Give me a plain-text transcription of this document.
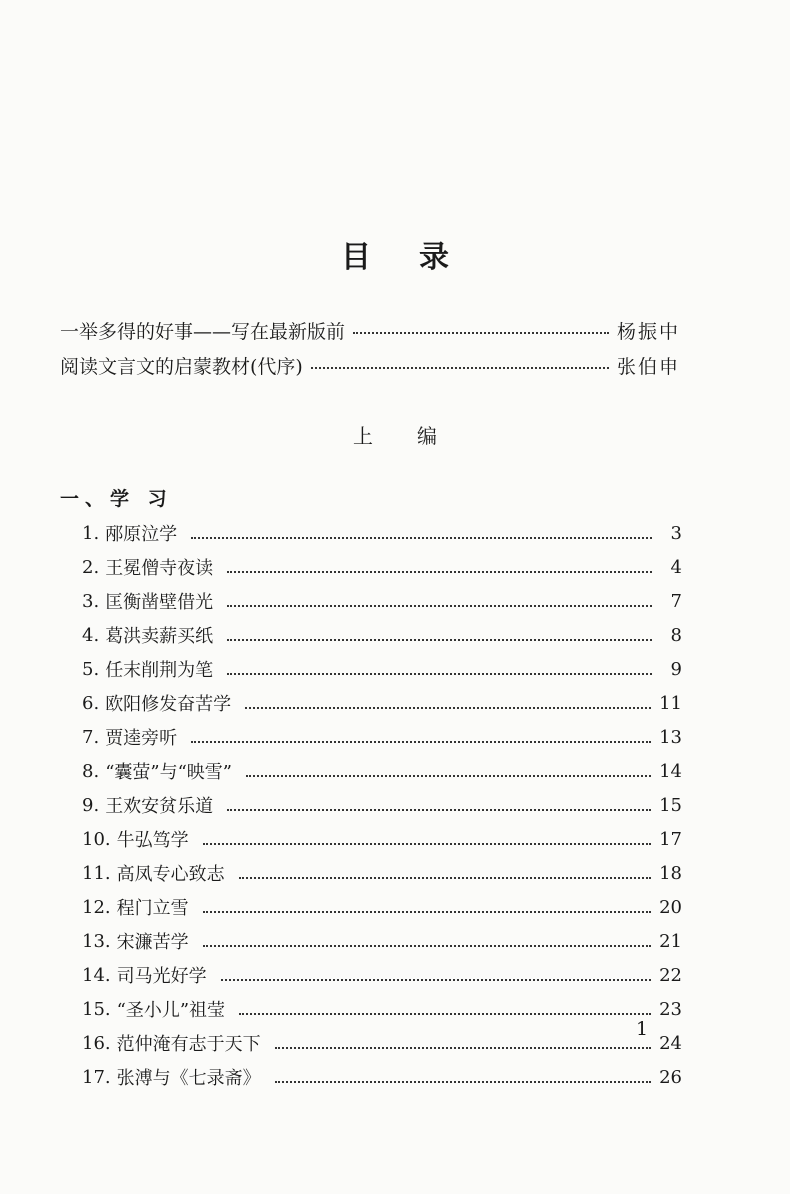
目录
一举多得的好事——写在最新版前	杨振中
阅读文言文的启蒙教材(代序)	张伯申
上编
一、学 习
1. 邴原泣学	3
2. 王冕僧寺夜读	4
3. 匡衡凿壁借光	7
4. 葛洪卖薪买纸	8
5. 任末削荆为笔	9
6. 欧阳修发奋苦学	11
7. 贾逵旁听	13
8. “囊萤”与“映雪”	14
9. 王欢安贫乐道	15
10. 牛弘笃学	17
11. 高凤专心致志	18
12. 程门立雪	20
13. 宋濂苦学	21
14. 司马光好学	22
15. “圣小儿”祖莹	23
16. 范仲淹有志于天下	24
17. 张溥与《七录斋》	26
1
